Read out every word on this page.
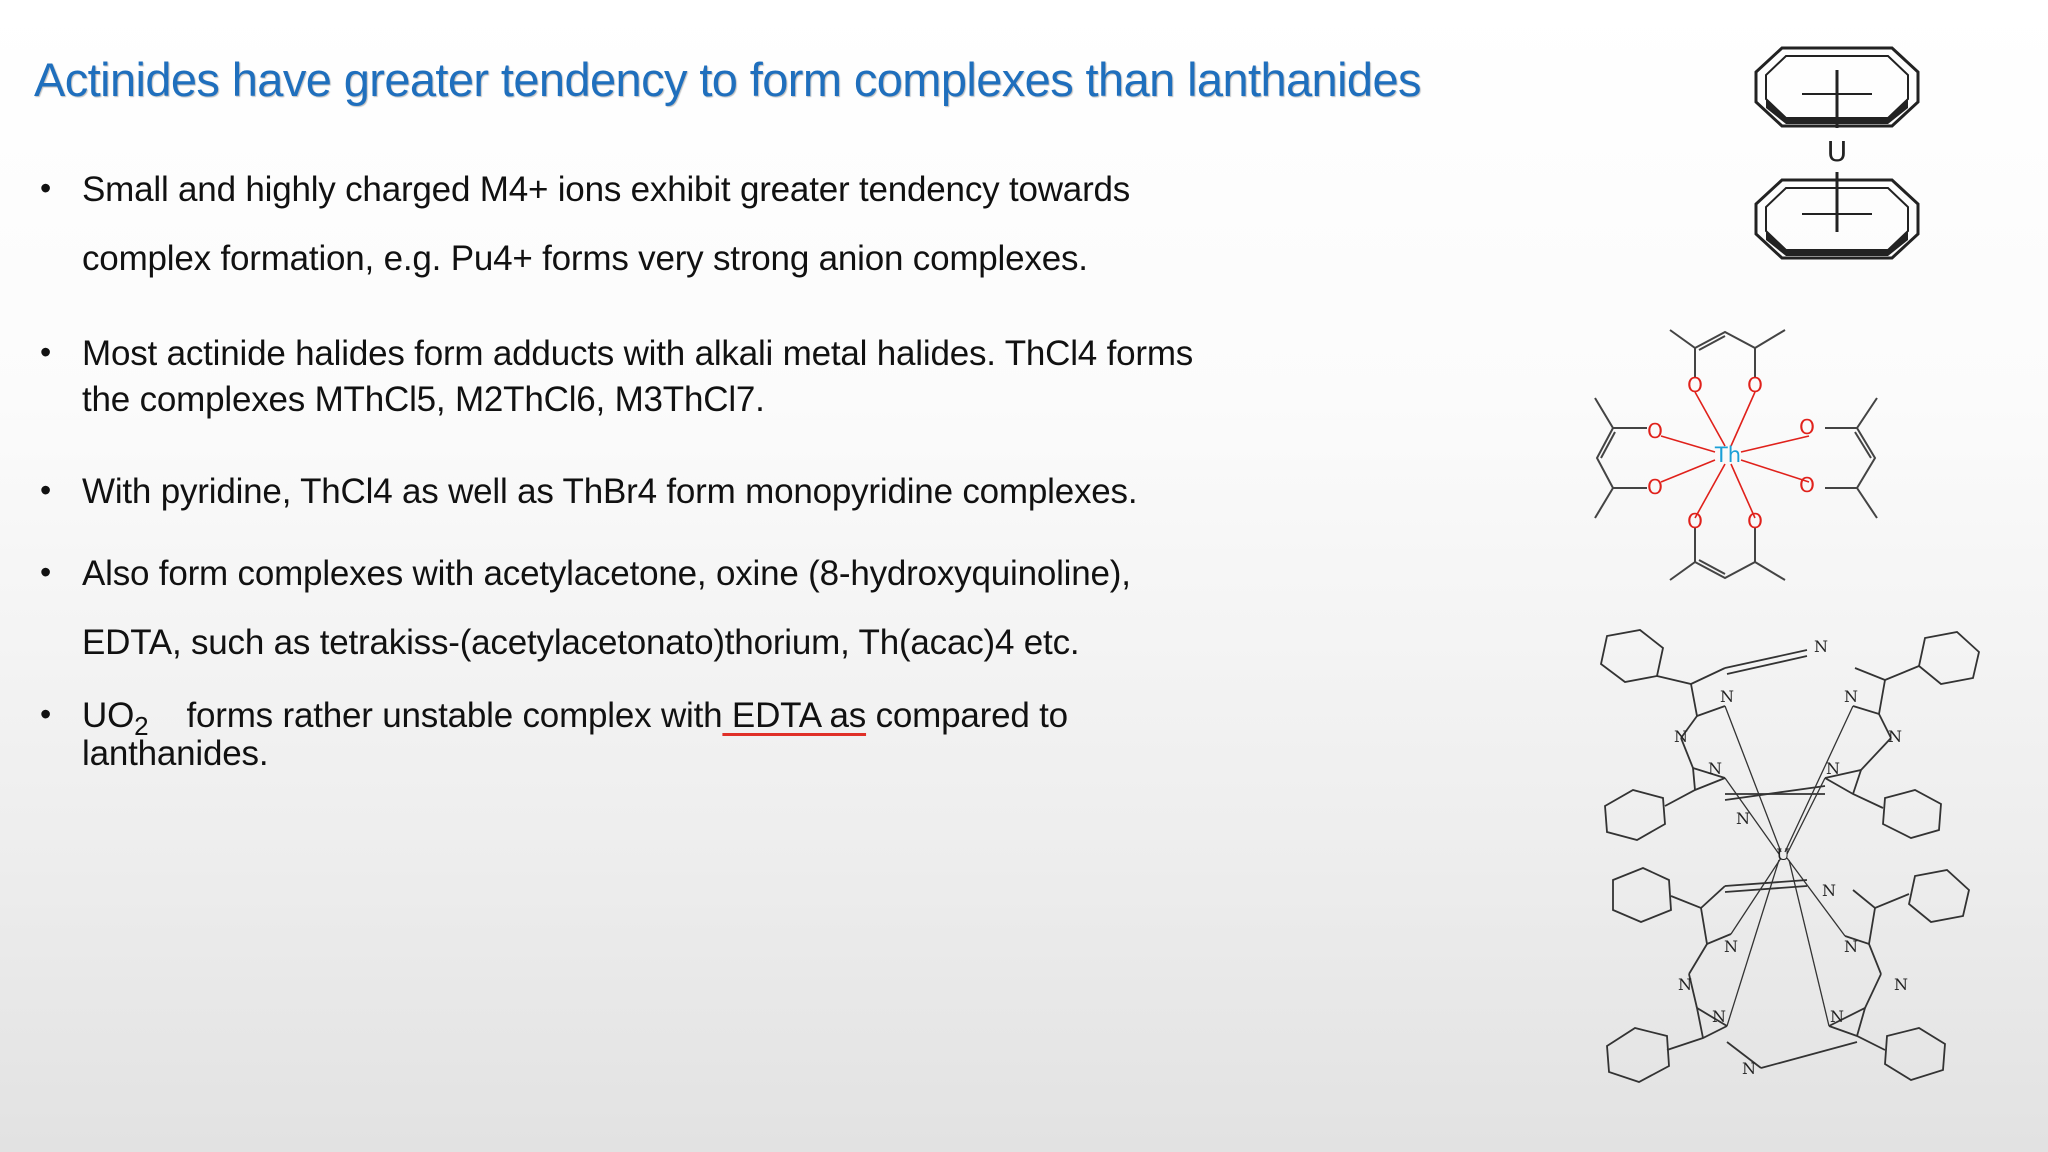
Actinides have greater tendency to form complexes than lanthanides
• Small and highly charged M4+ ions exhibit greater tendency towards
complex formation, e.g. Pu4+ forms very strong anion complexes.
• Most actinide halides form adducts with alkali metal halides. ThCl4 forms
the complexes MThCl5, M2ThCl6, M3ThCl7.
• With pyridine, ThCl4 as well as ThBr4 form monopyridine complexes.
• Also form complexes with acetylacetone, oxine (8-hydroxyquinoline),
EDTA, such as tetrakiss-(acetylacetonato)thorium, Th(acac)4 etc.
• $UO_2$    forms rather unstable complex with EDTA as compared to
lanthanides.
U
O O
O O
O
O
O
O
Th
U
N
N	N
N	N
N	N
N
N
N	N
N	N
N	N
N
